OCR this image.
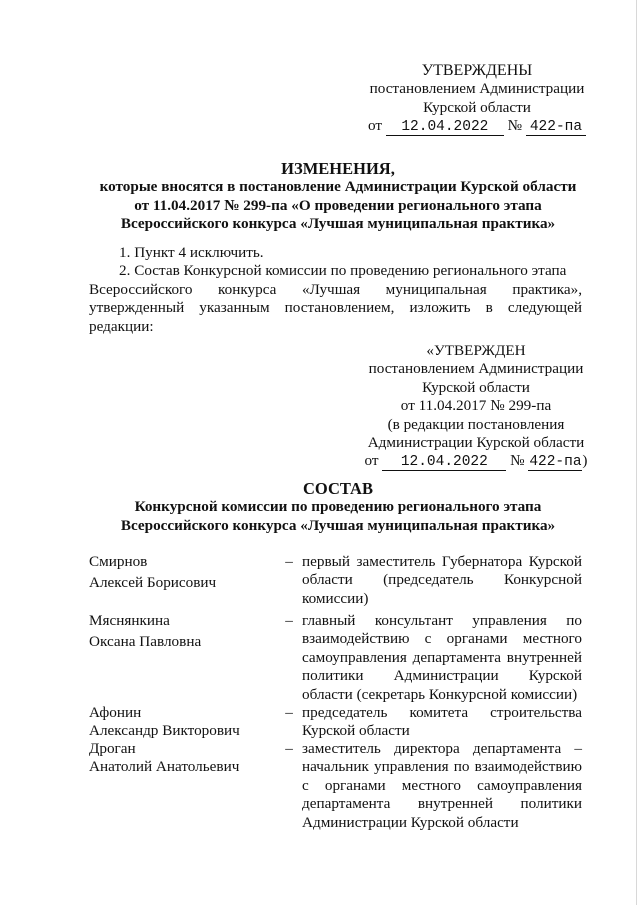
УТВЕРЖДЕНЫ
постановлением Администрации
Курской области
от 12.04.2022 № 422-па
ИЗМЕНЕНИЯ,
которые вносятся в постановление Администрации Курской области
от 11.04.2017 № 299-па «О проведении регионального этапа
Всероссийского конкурса «Лучшая муниципальная практика»
1. Пункт 4 исключить.
2. Состав Конкурсной комиссии по проведению регионального этапа
Всероссийского конкурса «Лучшая муниципальная практика»,
утвержденный указанным постановлением, изложить в следующей
редакции:
«УТВЕРЖДЕН
постановлением Администрации
Курской области
от 11.04.2017 № 299-па
(в редакции постановления
Администрации Курской области
от 12.04.2022 № 422-па)
СОСТАВ
Конкурсной комиссии по проведению регионального этапа
Всероссийского конкурса «Лучшая муниципальная практика»
Смирнов
Алексей Борисович
– первый заместитель Губернатора Курской
области (председатель Конкурсной
комиссии)
Мяснянкина
Оксана Павловна
– главный консультант управления по
взаимодействию с органами местного
самоуправления департамента внутренней
политики Администрации Курской
области (секретарь Конкурсной комиссии)
Афонин
Александр Викторович
– председатель комитета строительства
Курской области
Дроган
Анатолий Анатольевич
– заместитель директора департамента –
начальник управления по взаимодействию
с органами местного самоуправления
департамента внутренней политики
Администрации Курской области
